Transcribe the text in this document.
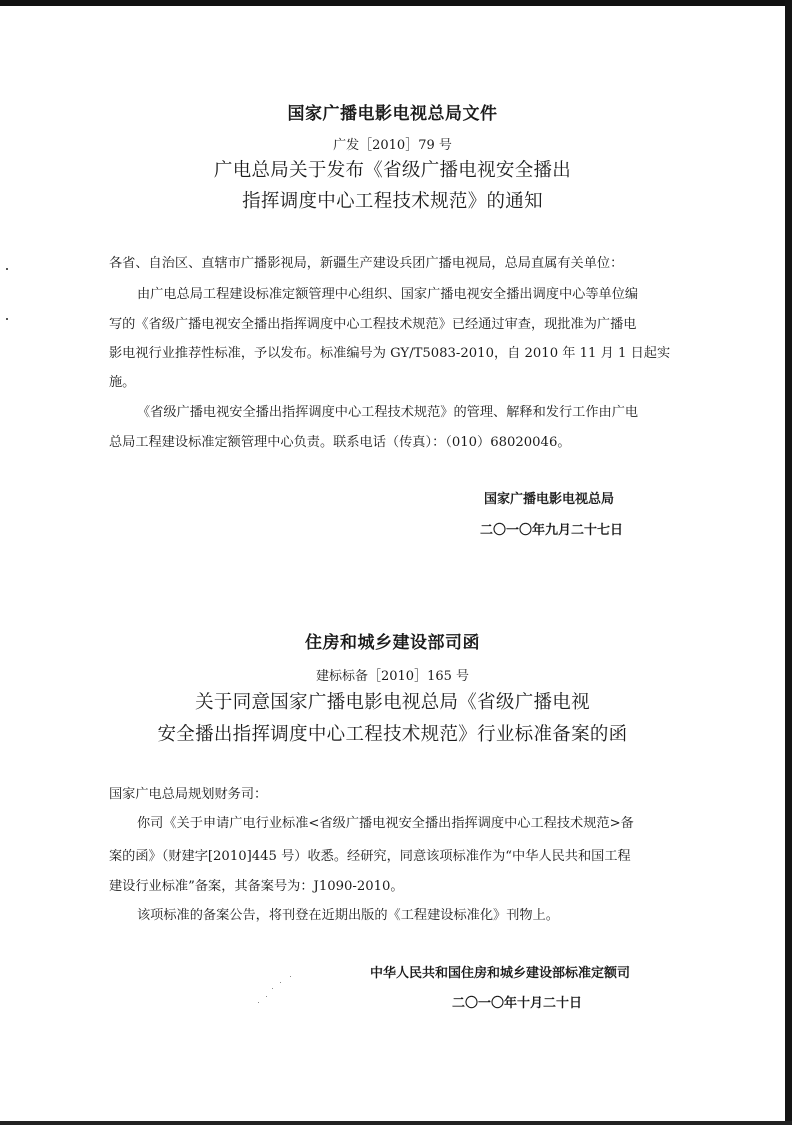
国家广播电影电视总局文件
广发［2010］79 号
广电总局关于发布《省级广播电视安全播出
指挥调度中心工程技术规范》的通知
各省、自治区、直辖市广播影视局，新疆生产建设兵团广播电视局，总局直属有关单位：
由广电总局工程建设标准定额管理中心组织、国家广播电视安全播出调度中心等单位编
写的《省级广播电视安全播出指挥调度中心工程技术规范》已经通过审查，现批准为广播电
影电视行业推荐性标准，予以发布。标准编号为 GY/T5083-2010，自 2010 年 11 月 1 日起实
施。
《省级广播电视安全播出指挥调度中心工程技术规范》的管理、解释和发行工作由广电
总局工程建设标准定额管理中心负责。联系电话（传真）：（010）68020046。
国家广播电影电视总局
二〇一〇年九月二十七日
住房和城乡建设部司函
建标标备［2010］165 号
关于同意国家广播电影电视总局《省级广播电视
安全播出指挥调度中心工程技术规范》行业标准备案的函
国家广电总局规划财务司：
你司《关于申请广电行业标准<省级广播电视安全播出指挥调度中心工程技术规范>备
案的函》（财建字[2010]445 号）收悉。经研究，同意该项标准作为“中华人民共和国工程
建设行业标准”备案，其备案号为：J1090-2010。
该项标准的备案公告，将刊登在近期出版的《工程建设标准化》刊物上。
中华人民共和国住房和城乡建设部标准定额司
二〇一〇年十月二十日
